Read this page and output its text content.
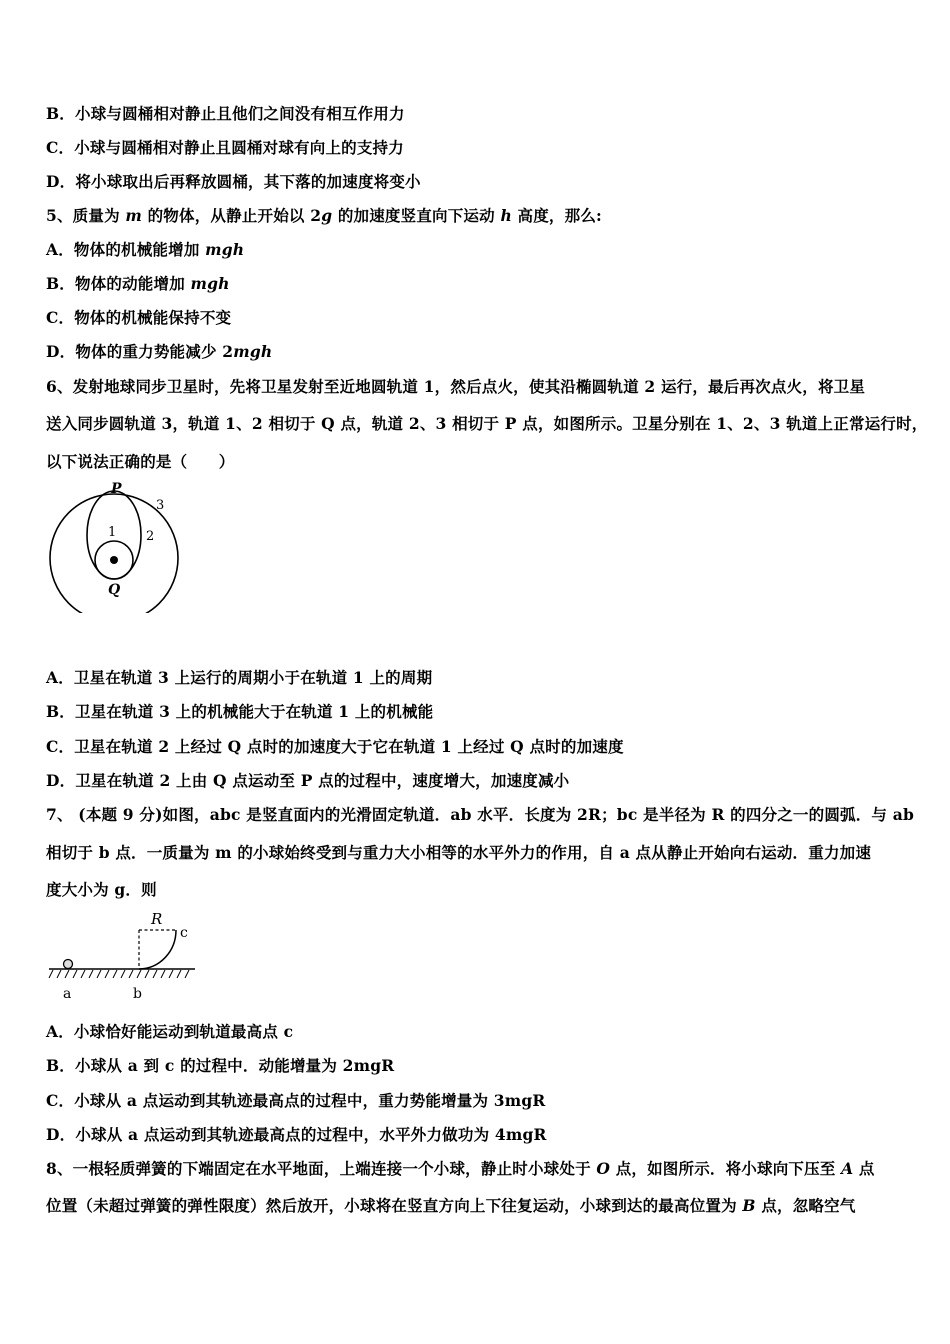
B．小球与圆桶相对静止且他们之间没有相互作用力
C．小球与圆桶相对静止且圆桶对球有向上的支持力
D．将小球取出后再释放圆桶，其下落的加速度将变小
5、质量为 m 的物体，从静止开始以 2g 的加速度竖直向下运动 h 高度，那么:
A．物体的机械能增加 mgh
B．物体的动能增加 mgh
C．物体的机械能保持不变
D．物体的重力势能减少 2mgh
6、发射地球同步卫星时，先将卫星发射至近地圆轨道 1，然后点火，使其沿椭圆轨道 2 运行，最后再次点火，将卫星
送入同步圆轨道 3，轨道 1、2 相切于 Q 点，轨道 2、3 相切于 P 点，如图所示。卫星分别在 1、2、3 轨道上正常运行时，
以下说法正确的是（　　）
P
Q
1 2
3
A．卫星在轨道 3 上运行的周期小于在轨道 1 上的周期
B．卫星在轨道 3 上的机械能大于在轨道 1 上的机械能
C．卫星在轨道 2 上经过 Q 点时的加速度大于它在轨道 1 上经过 Q 点时的加速度
D．卫星在轨道 2 上由 Q 点运动至 P 点的过程中，速度增大，加速度减小
7、 (本题 9 分)如图，abc 是竖直面内的光滑固定轨道．ab 水平．长度为 2R；bc 是半径为 R 的四分之一的圆弧．与 ab
相切于 b 点．一质量为 m 的小球始终受到与重力大小相等的水平外力的作用，自 a 点从静止开始向右运动．重力加速
度大小为 g．则
R
c
a	b
A．小球恰好能运动到轨道最高点 c
B．小球从 a 到 c 的过程中．动能增量为 2mgR
C．小球从 a 点运动到其轨迹最高点的过程中，重力势能增量为 3mgR
D．小球从 a 点运动到其轨迹最高点的过程中，水平外力做功为 4mgR
8、一根轻质弹簧的下端固定在水平地面，上端连接一个小球，静止时小球处于 O 点，如图所示．将小球向下压至 A 点
位置（未超过弹簧的弹性限度）然后放开，小球将在竖直方向上下往复运动，小球到达的最高位置为 B 点，忽略空气
